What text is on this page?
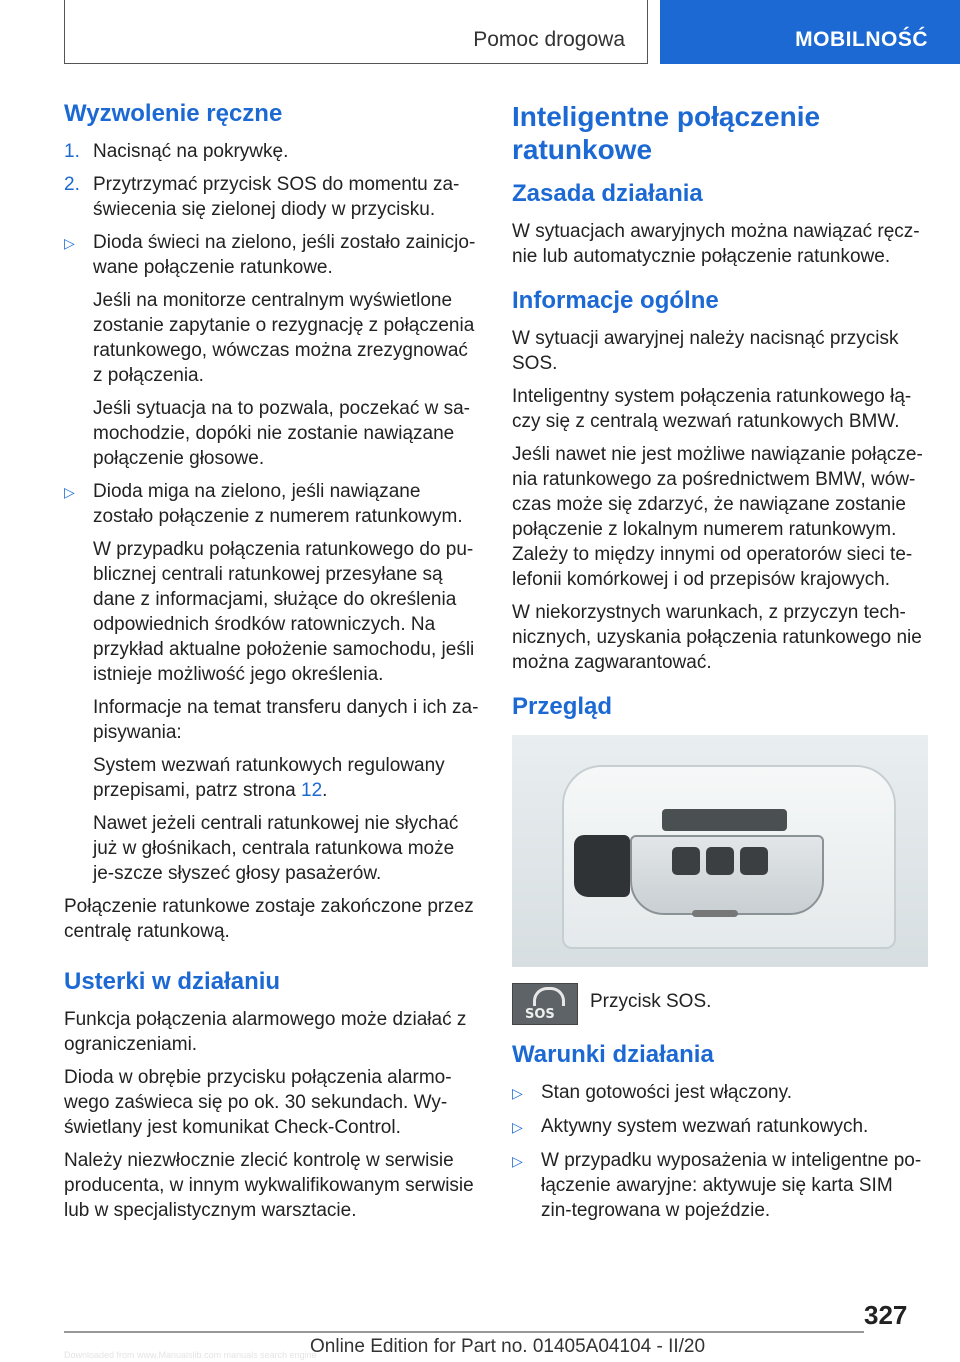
Pomoc drogowa	MOBILNOŚĆ
Wyzwolenie ręczne
1. Nacisnąć na pokrywkę.
2. Przytrzymać przycisk SOS do momentu za-świecenia się zielonej diody w przycisku.
▷ Dioda świeci na zielono, jeśli zostało zainicjo-wane połączenie ratunkowe.
Jeśli na monitorze centralnym wyświetlone zostanie zapytanie o rezygnację z połączenia ratunkowego, wówczas można zrezygnować z połączenia.
Jeśli sytuacja na to pozwala, poczekać w sa-mochodzie, dopóki nie zostanie nawiązane połączenie głosowe.
▷ Dioda miga na zielono, jeśli nawiązane zostało połączenie z numerem ratunkowym.
W przypadku połączenia ratunkowego do pu-blicznej centrali ratunkowej przesyłane są dane z informacjami, służące do określenia odpowiednich środków ratowniczych. Na przykład aktualne położenie samochodu, jeśli istnieje możliwość jego określenia.
Informacje na temat transferu danych i ich za-pisywania:
System wezwań ratunkowych regulowany przepisami, patrz strona 12.
Nawet jeżeli centrali ratunkowej nie słychać już w głośnikach, centrala ratunkowa może je-szcze słyszeć głosy pasażerów.
Połączenie ratunkowe zostaje zakończone przez centralę ratunkową.
Usterki w działaniu
Funkcja połączenia alarmowego może działać z ograniczeniami.
Dioda w obrębie przycisku połączenia alarmo-wego zaświeca się po ok. 30 sekundach. Wy-świetlany jest komunikat Check-Control.
Należy niezwłocznie zlecić kontrolę w serwisie producenta, w innym wykwalifikowanym serwisie lub w specjalistycznym warsztacie.
Inteligentne połączenie ratunkowe
Zasada działania
W sytuacjach awaryjnych można nawiązać ręcz-nie lub automatycznie połączenie ratunkowe.
Informacje ogólne
W sytuacji awaryjnej należy nacisnąć przycisk SOS.
Inteligentny system połączenia ratunkowego łą-czy się z centralą wezwań ratunkowych BMW.
Jeśli nawet nie jest możliwe nawiązanie połącze-nia ratunkowego za pośrednictwem BMW, wów-czas może się zdarzyć, że nawiązane zostanie połączenie z lokalnym numerem ratunkowym. Zależy to między innymi od operatorów sieci te-lefonii komórkowej i od przepisów krajowych.
W niekorzystnych warunkach, z przyczyn tech-nicznych, uzyskania połączenia ratunkowego nie można zagwarantować.
Przegląd
SOS
Przycisk SOS.
Warunki działania
▷ Stan gotowości jest włączony.
▷ Aktywny system wezwań ratunkowych.
▷ W przypadku wyposażenia w inteligentne po-łączenie awaryjne: aktywuje się karta SIM zin-tegrowana w pojeździe.
327
Online Edition for Part no. 01405A04104 - II/20
Downloaded from www.Manualslib.com manuals search engine
